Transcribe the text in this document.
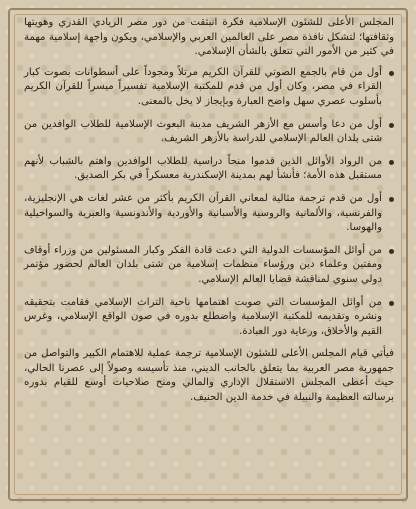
المجلس الأعلى للشئون الإسلامية فكرة انبثقت من دور مصر الريادي القدري وهويتها وثقافتها؛ لتشكل نافذة مصر على العالمين العربي والإسلامي، ويكون واجهة إسلامية مهمة في كثير من الأمور التي تتعلق بالشأن الإسلامي.

أول من قام بالجمع الصوتي للقرآن الكريم مرتلاً ومجوداً على أسطوانات بصوت كبار القراء في مصر، وكان أول من قدم للمكتبة الإسلامية تفسيراً ميسراً للقرآن الكريم بأسلوب عصري سهل واضح العبارة وبإيجاز لا يخل بالمعنى.
أول من دعا وأسس مع الأزهر الشريف مدينة البعوث الإسلامية للطلاب الوافدين من شتى بلدان العالم الإسلامي للدراسة بالأزهر الشريف.
من الرواد الأوائل الذين قدموا منحاً دراسية للطلاب الوافدين واهتم بالشباب لأنهم مستقبل هذه الأمة؛ فأنشأ لهم بمدينة الإسكندرية معسكراً في بكر الصديق.
أول من قدم ترجمة مثالية لمعاني القرآن الكريم بأكثر من عشر لغات هي الإنجليزية، والفرنسية، والألمانية والروسية والأسبانية والأوردية والأندونسية والعبرية والسواحيلية والهوسا.
من أوائل المؤسسات الدولية التي دعت قادة الفكر وكبار المسئولين من وزراء أوقاف ومفتين وعلماء دين ورؤساء منظمات إسلامية من شتى بلدان العالم لحضور مؤتمر دولي سنوي لمناقشة قضايا العالم الإسلامي.
من أوائل المؤسسات التي صوبت اهتمامها ناحية التراث الإسلامي فقامت بتحقيقه ونشره وتقديمه للمكتبة الإسلامية واضطلع بدوره في صون الواقع الإسلامي، وغرس القيم والأخلاق، ورعاية دور العبادة.

فيأتي قيام المجلس الأعلى للشئون الإسلامية ترجمة عملية للاهتمام الكبير والتواصل من جمهورية مصر العربية بما يتعلق بالجانب الديني، منذ تأسيسه وصولاً إلى عصرنا الحالي، حيث أعطى المجلس الاستقلال الإداري والمالي ومنح صلاحيات أوسع للقيام بدوره برسالته العظيمة والنبيلة في خدمة الدين الحنيف.
